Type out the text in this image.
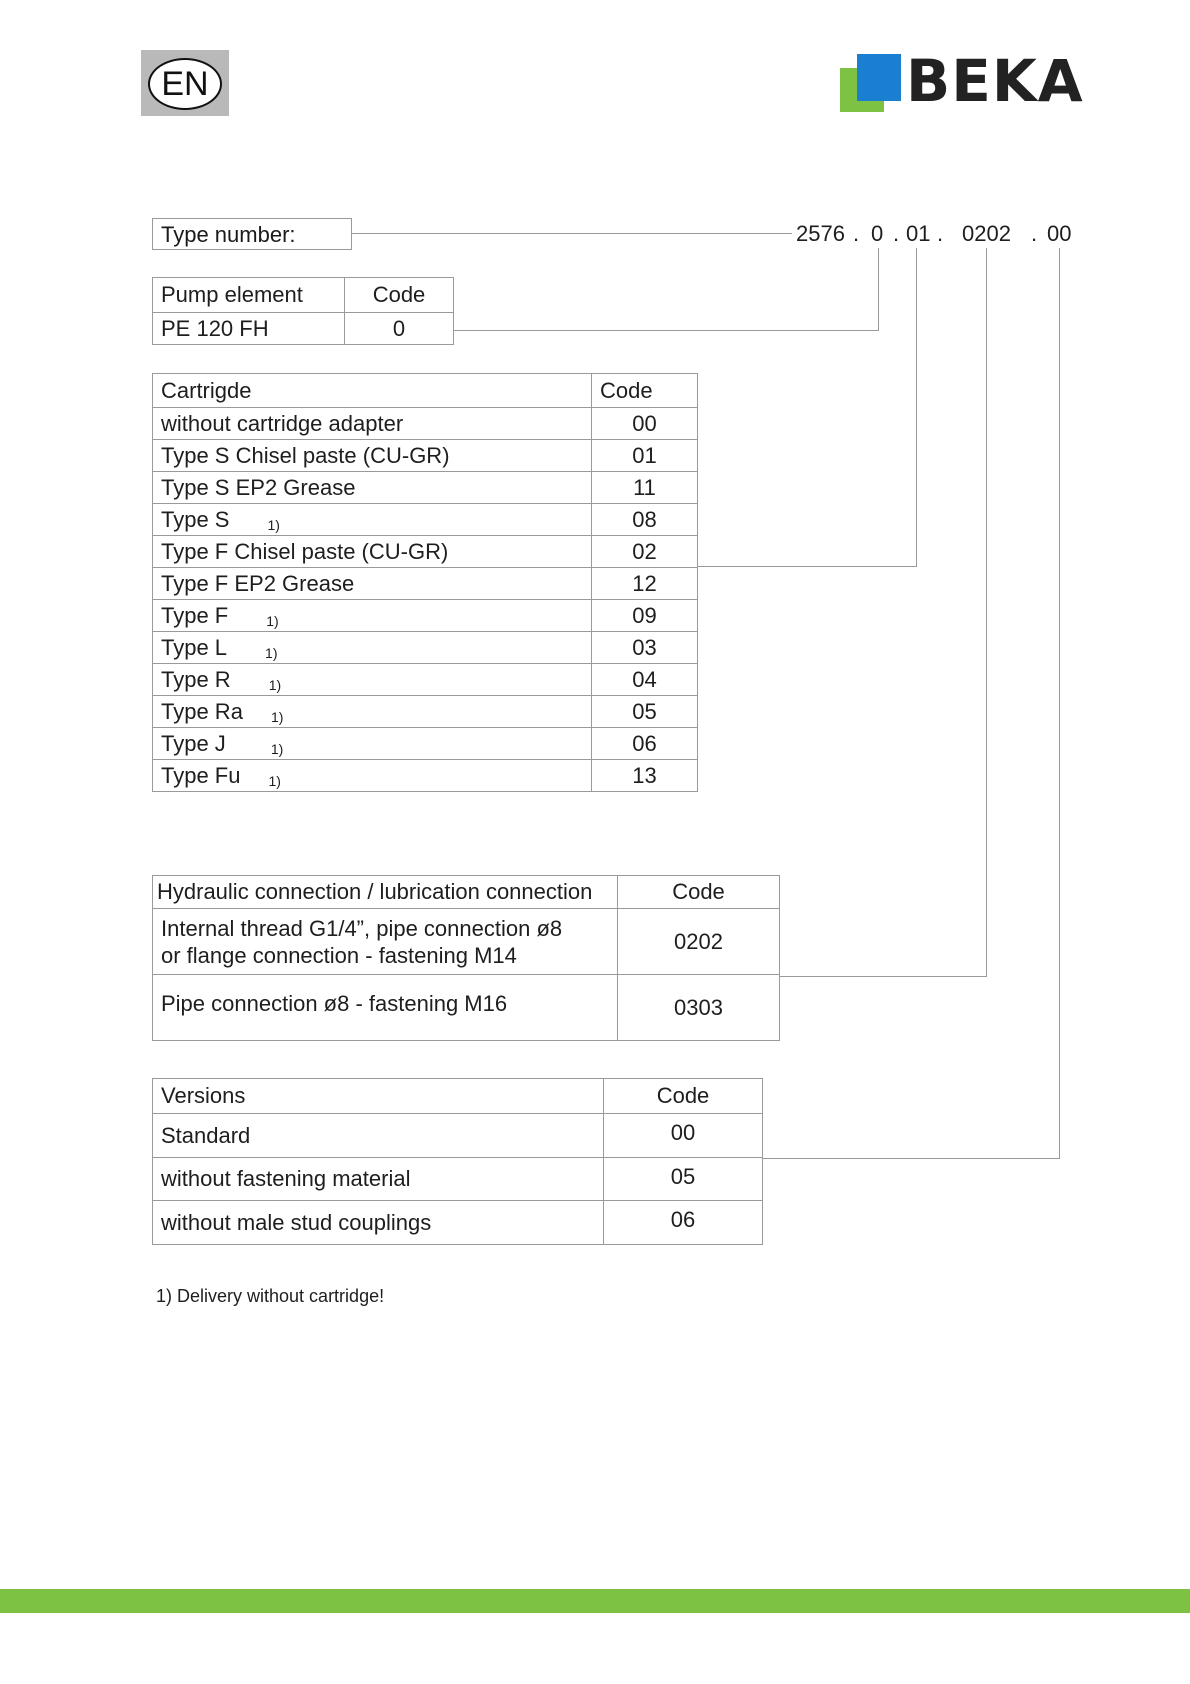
EN	BEKA
Type number:	2576 . 0 . 01 . 0202 . 00
Pump element	Code
PE 120 FH	0
Cartrigde	Code
without cartridge adapter	00
Type S Chisel paste (CU-GR)	01
Type S EP2 Grease	11
Type S 1)	08
Type F Chisel paste (CU-GR)	02
Type F EP2 Grease	12
Type F 1)	09
Type L 1)	03
Type R 1)	04
Type Ra 1)	05
Type J 1)	06
Type Fu 1)	13
Hydraulic connection / lubrication connection	Code

Internal thread G1/4”, pipe connection ø8
or flange connection - fastening M14	0202
Pipe connection ø8 - fastening M16	0303
Versions	Code
Standard	00
without fastening material	05
without male stud couplings	06
1) Delivery without cartridge!
